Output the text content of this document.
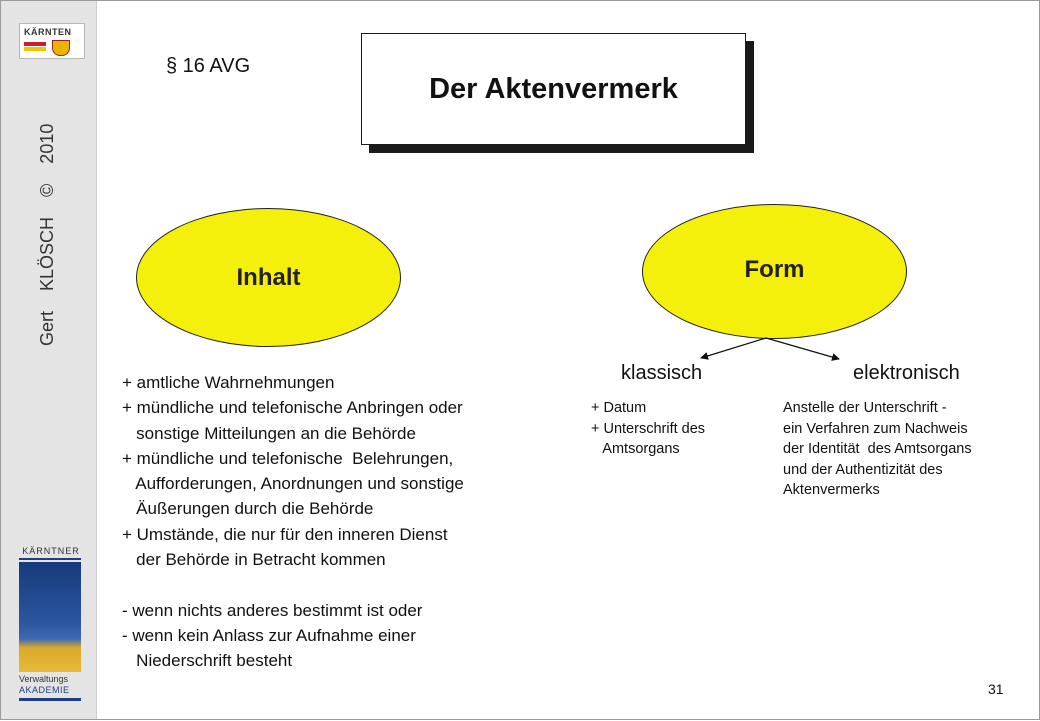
KÄRNTEN
GertKLÖSCH©2010
KÄRNTNER
Verwaltungs
AKADEMIE
§ 16 AVG
Der Aktenvermerk
Inhalt	Form
klassisch	elektronisch
+ amtliche Wahrnehmungen
+ mündliche und telefonische Anbringen oder
sonstige Mitteilungen an die Behörde
+ mündliche und telefonische  Belehrungen,
Aufforderungen, Anordnungen und sonstige
Äußerungen durch die Behörde
+ Umstände, die nur für den inneren Dienst
der Behörde in Betracht kommen

- wenn nichts anderes bestimmt ist oder
- wenn kein Anlass zur Aufnahme einer
Niederschrift besteht
+ Datum
+ Unterschrift des
Amtsorgans
Anstelle der Unterschrift -
ein Verfahren zum Nachweis
der Identität  des Amtsorgans
und der Authentizität des
Aktenvermerks
31
